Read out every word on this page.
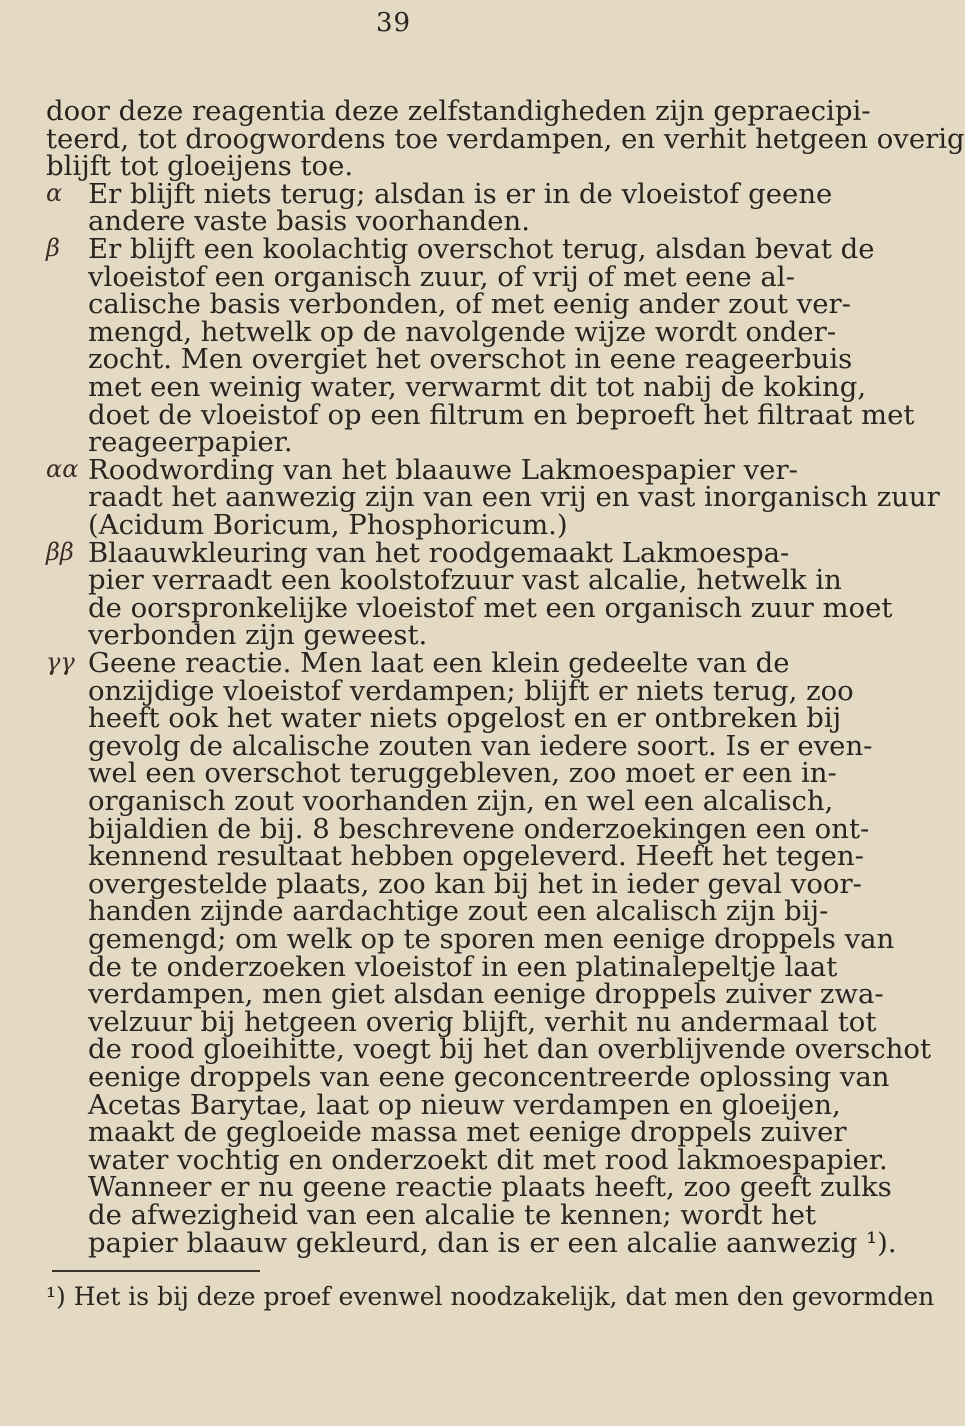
39
door deze reagentia deze zelfstandigheden zijn gepraecipi-
teerd, tot droogwordens toe verdampen, en verhit hetgeen overig
blijft tot gloeijens toe.
α Er blijft niets terug; alsdan is er in de vloeistof geene
andere vaste basis voorhanden.
β	Er blijft een koolachtig overschot terug, alsdan bevat de
vloeistof een organisch zuur, of vrij of met eene al-
calische basis verbonden, of met eenig ander zout ver-
mengd, hetwelk op de navolgende wijze wordt onder-
zocht. Men overgiet het overschot in eene reageerbuis
met een weinig water, verwarmt dit tot nabij de koking,
doet de vloeistof op een filtrum en beproeft het filtraat met
reageerpapier.
αα Roodwording van het blaauwe Lakmoespapier ver-
raadt het aanwezig zijn van een vrij en vast inorganisch zuur
(Acidum Boricum, Phosphoricum.)
ββ Blaauwkleuring van het roodgemaakt Lakmoespa-
pier verraadt een koolstofzuur vast alcalie, hetwelk in
de oorspronkelijke vloeistof met een organisch zuur moet
verbonden zijn geweest.
γγ Geene reactie. Men laat een klein gedeelte van de
onzijdige vloeistof verdampen; blijft er niets terug, zoo
heeft ook het water niets opgelost en er ontbreken bij
gevolg de alcalische zouten van iedere soort. Is er even-
wel een overschot teruggebleven, zoo moet er een in-
organisch zout voorhanden zijn, en wel een alcalisch,
bijaldien de bij. 8 beschrevene onderzoekingen een ont-
kennend resultaat hebben opgeleverd. Heeft het tegen-
overgestelde plaats, zoo kan bij het in ieder geval voor-
handen zijnde aardachtige zout een alcalisch zijn bij-
gemengd; om welk op te sporen men eenige droppels van
de te onderzoeken vloeistof in een platinalepeltje laat
verdampen, men giet alsdan eenige droppels zuiver zwa-
velzuur bij hetgeen overig blijft, verhit nu andermaal tot
de rood gloeihitte, voegt bij het dan overblijvende overschot
eenige droppels van eene geconcentreerde oplossing van
Acetas Barytae, laat op nieuw verdampen en gloeijen,
maakt de gegloeide massa met eenige droppels zuiver
water vochtig en onderzoekt dit met rood lakmoespapier.
Wanneer er nu geene reactie plaats heeft, zoo geeft zulks
de afwezigheid van een alcalie te kennen; wordt het
papier blaauw gekleurd, dan is er een alcalie aanwezig ¹).
¹) Het is bij deze proef evenwel noodzakelijk, dat men den gevormden
